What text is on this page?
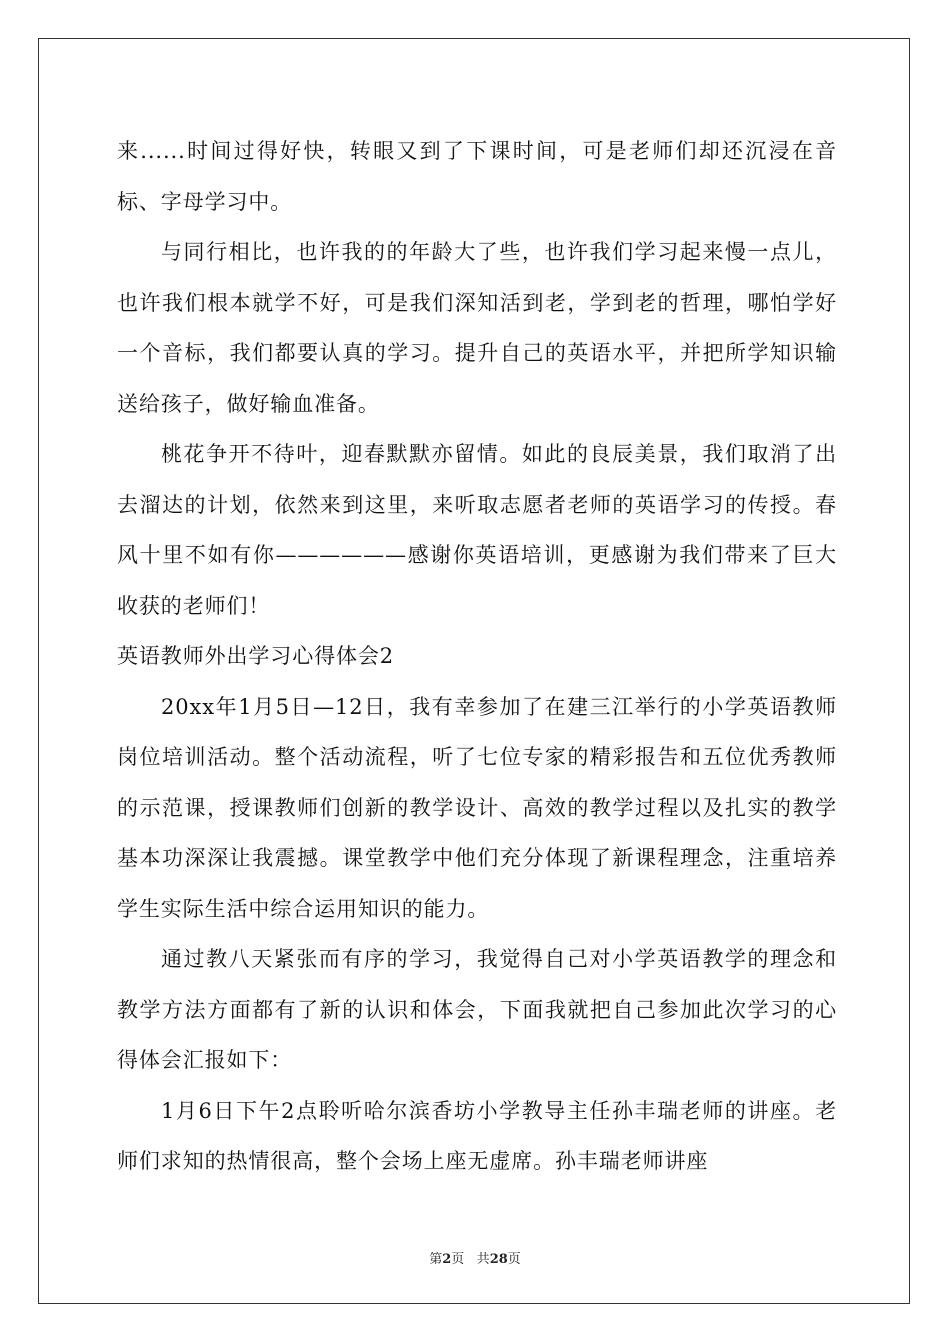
来......时间过得好快，转眼又到了下课时间，可是老师们却还沉浸在音标、字母学习中。

与同行相比，也许我的的年龄大了些，也许我们学习起来慢一点儿，也许我们根本就学不好，可是我们深知活到老，学到老的哲理，哪怕学好一个音标，我们都要认真的学习。提升自己的英语水平，并把所学知识输送给孩子，做好输血准备。

桃花争开不待叶，迎春默默亦留情。如此的良辰美景，我们取消了出去溜达的计划，依然来到这里，来听取志愿者老师的英语学习的传授。春风十里不如有你——————感谢你英语培训，更感谢为我们带来了巨大收获的老师们！

英语教师外出学习心得体会2

20xx年1月5日—12日，我有幸参加了在建三江举行的小学英语教师岗位培训活动。整个活动流程，听了七位专家的精彩报告和五位优秀教师的示范课，授课教师们创新的教学设计、高效的教学过程以及扎实的教学基本功深深让我震撼。课堂教学中他们充分体现了新课程理念，注重培养学生实际生活中综合运用知识的能力。

通过教八天紧张而有序的学习，我觉得自己对小学英语教学的理念和教学方法方面都有了新的认识和体会，下面我就把自己参加此次学习的心得体会汇报如下：

1月6日下午2点聆听哈尔滨香坊小学教导主任孙丰瑞老师的讲座。老师们求知的热情很高，整个会场上座无虚席。孙丰瑞老师讲座

第2页 共28页
